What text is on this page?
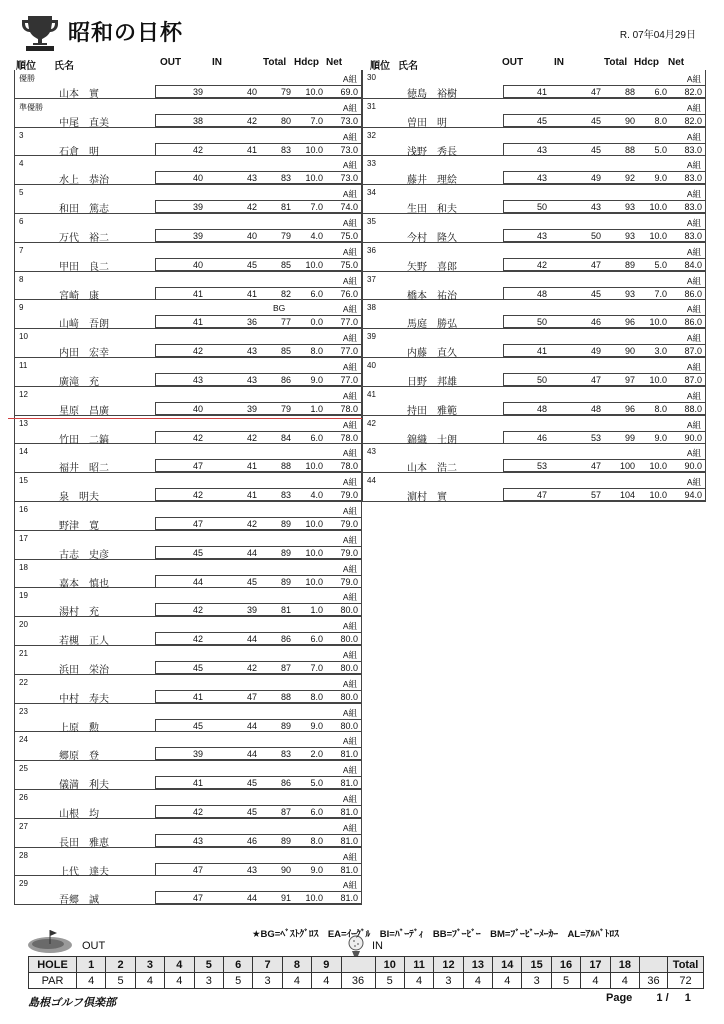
昭和の日杯	R. 07年04月29日
順位 氏名	OUT	IN	Total Hdcp Net	順位 氏名	OUT	IN	Total Hdcp Net
優勝	A組
山本　實	39	40	79 10.0 69.0
準優勝	A組
中尾　直美	38	42	80 7.0 73.0
3	A組
石倉　明	42	41	83 10.0 73.0
4	A組
水上　恭治	40	43	83 10.0 73.0
5	A組
和田　篤志	39	42	81 7.0 74.0
6	A組
万代　裕二	39	40	79 4.0 75.0
7	A組
甲田　良二	40	45	85 10.0 75.0
8	A組
宮崎　康	41	41	82 6.0 76.0
9	A組
BG
山﨑　吾朗	41	36	77 0.0 77.0
10	A組
内田　宏幸	42	43	85 8.0 77.0
11	A組
廣滝　充	43	43	86 9.0 77.0
12	A組
星原　昌廣	40	39	79 1.0 78.0
13	A組
竹田　二鎬	42	42	84 6.0 78.0
14	A組
福井　昭二	47	41	88 10.0 78.0
15	A組
泉　明夫	42	41	83 4.0 79.0
16	A組
野津　寛	47	42	89 10.0 79.0
17	A組
古志　史彦	45	44	89 10.0 79.0
18	A組
嘉本　慎也	44	45	89 10.0 79.0
19	A組
湯村　充	42	39	81 1.0 80.0
20	A組
若槻　正人	42	44	86 6.0 80.0
21	A組
浜田　栄治	45	42	87 7.0 80.0
22	A組
中村　寿夫	41	47	88 8.0 80.0
23	A組
上原　勲	45	44	89 9.0 80.0
24	A組
郷原　登	39	44	83 2.0 81.0
25	A組
儀満　利夫	41	45	86 5.0 81.0
26	A組
山根　均	42	45	87 6.0 81.0
27	A組
長田　雅恵	43	46	89 8.0 81.0
28	A組
上代　達夫	47	43	90 9.0 81.0
29	A組
吾郷　誠	47	44	91 10.0 81.0
30	A組
徳島　裕樹	41	47	88 6.0 82.0
31	A組
曽田　明	45	45	90 8.0 82.0
32	A組
浅野　秀長	43	45	88 5.0 83.0
33	A組
藤井　理絵	43	49	92 9.0 83.0
34	A組
生田　和夫	50	43	93 10.0 83.0
35	A組
今村　隆久	43	50	93 10.0 83.0
36	A組
矢野　喜郎	42	47	89 5.0 84.0
37	A組
橋本　祐治	48	45	93 7.0 86.0
38	A組
馬庭　勝弘	50	46	96 10.0 86.0
39	A組
内藤　直久	41	49	90 3.0 87.0
40	A組
日野　邦雄	50	47	97 10.0 87.0
41	A組
持田　雅範	48	48	96 8.0 88.0
42	A組
錦織　士朗	46	53	99 9.0 90.0
43	A組
山本　浩二	53	47 100 10.0 90.0
44	A組
濵村　實	47	57 104 10.0 94.0
OUT	IN
★BG=ﾍﾞｽﾄｸﾞﾛｽ　EA=ｲｰｸﾞﾙ　BI=ﾊﾞｰﾃﾞｨ　BB=ﾌﾞｰﾋﾞｰ　BM=ﾌﾞｰﾋﾞｰﾒｰｶｰ　AL=ｱﾙﾊﾞﾄﾛｽ
HOLE	1	2	3	4	5	6	7	8	9		10	11	12	13	14	15	16	17	18		Total
PAR	4	5	4	4	3	5	3	4	4	36	5	4	3	4	4	3	5	4	4	36	72
島根ゴルフ倶楽部	Page 1 / 1
